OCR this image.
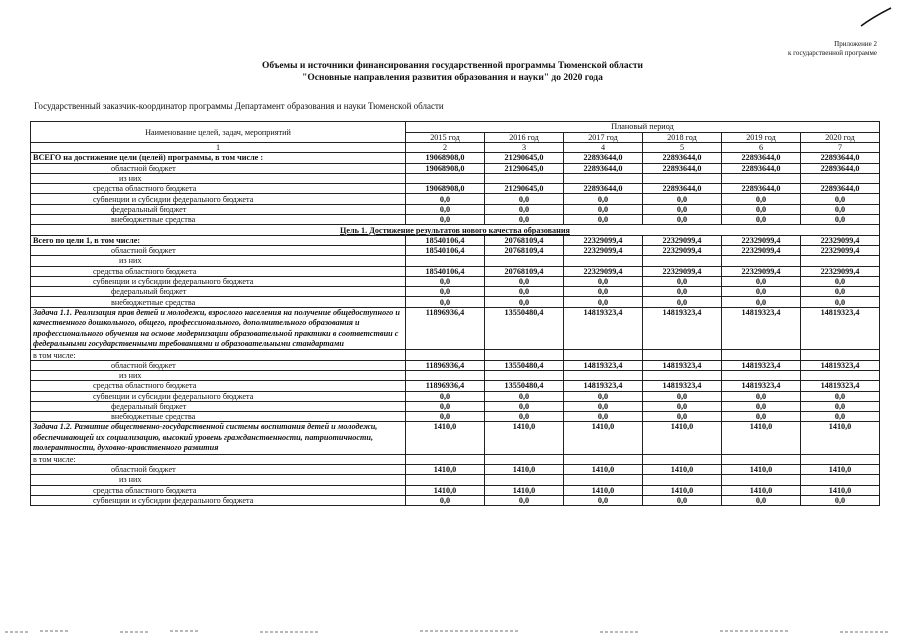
Приложение 2
к государственной программе
Объемы и источники финансирования государственной программы Тюменской области
"Основные направления развития образования и науки" до 2020 года
Государственный заказчик-координатор программы Департамент образования и науки Тюменской области
Наименование целей, задач, мероприятий	Плановый период					
	2015 год	2016 год	2017 год	2018 год	2019 год	2020 год
1	2	3	4	5	6	7
ВСЕГО на достижение цели (целей) программы, в том числе :	19068908,0	21290645,0	22893644,0	22893644,0	22893644,0	22893644,0
областной бюджет	19068908,0	21290645,0	22893644,0	22893644,0	22893644,0	22893644,0
из них						
средства областного бюджета	19068908,0	21290645,0	22893644,0	22893644,0	22893644,0	22893644,0
субвенции и субсидии федерального бюджета	0,0	0,0	0,0	0,0	0,0	0,0
федеральный бюджет	0,0	0,0	0,0	0,0	0,0	0,0
внебюджетные средства	0,0	0,0	0,0	0,0	0,0	0,0
Цель 1. Достижение результатов нового качества образования						
Всего по цели 1, в том числе:	18540106,4	20768109,4	22329099,4	22329099,4	22329099,4	22329099,4
областной бюджет	18540106,4	20768109,4	22329099,4	22329099,4	22329099,4	22329099,4
из них						
средства областного бюджета	18540106,4	20768109,4	22329099,4	22329099,4	22329099,4	22329099,4
субвенции и субсидии федерального бюджета	0,0	0,0	0,0	0,0	0,0	0,0
федеральный бюджет	0,0	0,0	0,0	0,0	0,0	0,0
внебюджетные средства	0,0	0,0	0,0	0,0	0,0	0,0
Задача 1.1. Реализация прав детей и молодежи, взрослого населения на получение общедоступного и качественного дошкольного, общего, профессионального, дополнительного образования и профессионального обучения на основе модернизации образовательной практики в соответствии с федеральными государственными требованиями и образовательными стандартами	11896936,4	13550480,4	14819323,4	14819323,4	14819323,4	14819323,4
в том числе:						
областной бюджет	11896936,4	13550480,4	14819323,4	14819323,4	14819323,4	14819323,4
из них						
средства областного бюджета	11896936,4	13550480,4	14819323,4	14819323,4	14819323,4	14819323,4
субвенции и субсидии федерального бюджета	0,0	0,0	0,0	0,0	0,0	0,0
федеральный бюджет	0,0	0,0	0,0	0,0	0,0	0,0
внебюджетные средства	0,0	0,0	0,0	0,0	0,0	0,0
Задача 1.2. Развитие общественно-государственной системы воспитания детей и молодежи, обеспечивающей их социализацию, высокий уровень гражданственности, патриотичности, толерантности, духовно-нравственного развития	1410,0	1410,0	1410,0	1410,0	1410,0	1410,0
в том числе:						
областной бюджет	1410,0	1410,0	1410,0	1410,0	1410,0	1410,0
из них						
средства областного бюджета	1410,0	1410,0	1410,0	1410,0	1410,0	1410,0
субвенции и субсидии федерального бюджета	0,0	0,0	0,0	0,0	0,0	0,0
